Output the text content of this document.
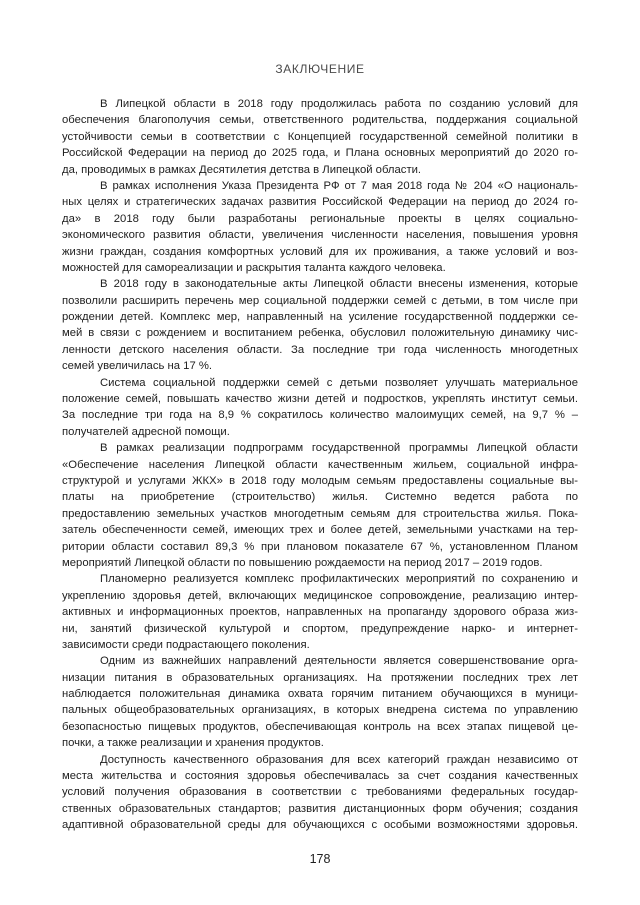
ЗАКЛЮЧЕНИЕ
В Липецкой области в 2018 году продолжилась работа по созданию условий для
обеспечения благополучия семьи, ответственного родительства, поддержания социальной
устойчивости семьи в соответствии с Концепцией государственной семейной политики в
Российской Федерации на период до 2025 года, и Плана основных мероприятий до 2020 го-
да, проводимых в рамках Десятилетия детства в Липецкой области.
В рамках исполнения Указа Президента РФ от 7 мая 2018 года № 204 «О националь-
ных целях и стратегических задачах развития Российской Федерации на период до 2024 го-
да» в 2018 году были разработаны региональные проекты в целях социально-
экономического развития области, увеличения численности населения, повышения уровня
жизни граждан, создания комфортных условий для их проживания, а также условий и воз-
можностей для самореализации и раскрытия таланта каждого человека.
В 2018 году в законодательные акты Липецкой области внесены изменения, которые
позволили расширить перечень мер социальной поддержки семей с детьми, в том числе при
рождении детей. Комплекс мер, направленный на усиление государственной поддержки се-
мей в связи с рождением и воспитанием ребенка, обусловил положительную динамику чис-
ленности детского населения области. За последние три года численность многодетных
семей увеличилась на 17 %.
Система социальной поддержки семей с детьми позволяет улучшать материальное
положение семей, повышать качество жизни детей и подростков, укреплять институт семьи.
За последние три года на 8,9 % сократилось количество малоимущих семей, на 9,7 % –
получателей адресной помощи.
В рамках реализации подпрограмм государственной программы Липецкой области
«Обеспечение населения Липецкой области качественным жильем, социальной инфра-
структурой и услугами ЖКХ» в 2018 году молодым семьям предоставлены социальные вы-
платы на приобретение (строительство) жилья. Системно ведется работа по
предоставлению земельных участков многодетным семьям для строительства жилья. Пока-
затель обеспеченности семей, имеющих трех и более детей, земельными участками на тер-
ритории области составил 89,3 % при плановом показателе 67 %, установленном Планом
мероприятий Липецкой области по повышению рождаемости на период 2017 – 2019 годов.
Планомерно реализуется комплекс профилактических мероприятий по сохранению и
укреплению здоровья детей, включающих медицинское сопровождение, реализацию интер-
активных и информационных проектов, направленных на пропаганду здорового образа жиз-
ни, занятий физической культурой и спортом, предупреждение нарко- и интернет-
зависимости среди подрастающего поколения.
Одним из важнейших направлений деятельности является совершенствование орга-
низации питания в образовательных организациях. На протяжении последних трех лет
наблюдается положительная динамика охвата горячим питанием обучающихся в муници-
пальных общеобразовательных организациях, в которых внедрена система по управлению
безопасностью пищевых продуктов, обеспечивающая контроль на всех этапах пищевой це-
почки, а также реализации и хранения продуктов.
Доступность качественного образования для всех категорий граждан независимо от
места жительства и состояния здоровья обеспечивалась за счет создания качественных
условий получения образования в соответствии с требованиями федеральных государ-
ственных образовательных стандартов; развития дистанционных форм обучения; создания
адаптивной образовательной среды для обучающихся с особыми возможностями здоровья.
178
